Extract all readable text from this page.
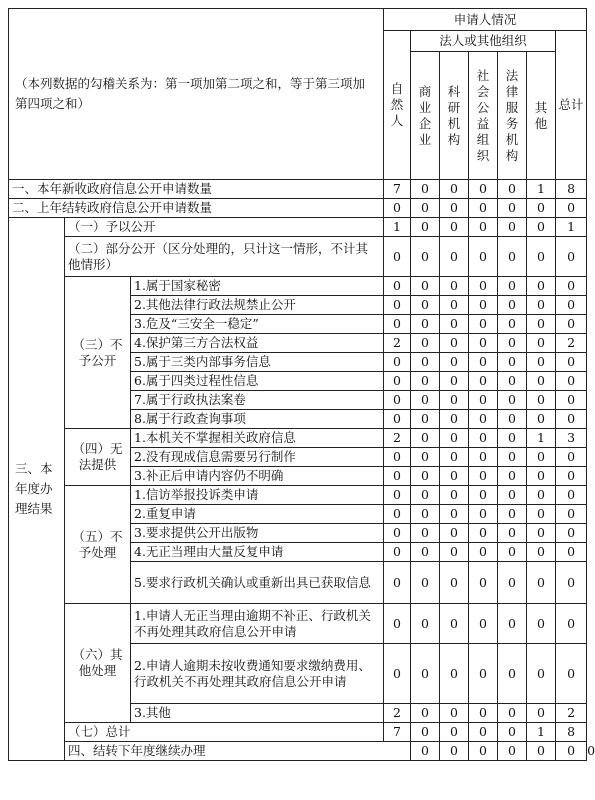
（本列数据的勾稽关系为：第一项加第二项之和，等于第三项加第四项之和）			申请人情况							
			自然人	法人或其他组织					总计	
				商业企业	科研机构	社会公益组织	法律服务机构	其他		
一、本年新收政府信息公开申请数量			7	0	0	0	0	1	8	
二、上年结转政府信息公开申请数量			0	0	0	0	0	0	0	
三、本年度办理结果	（一）予以公开		1	0	0	0	0	0	1	
	（二）部分公开（区分处理的，只计这一情形，不计其他情形）		0	0	0	0	0	0	0	
	（三）不予公开	1.属于国家秘密	0	0	0	0	0	0	0	
		2.其他法律行政法规禁止公开	0	0	0	0	0	0	0	
		3.危及“三安全一稳定”	0	0	0	0	0	0	0	
		4.保护第三方合法权益	2	0	0	0	0	0	2	
		5.属于三类内部事务信息	0	0	0	0	0	0	0	
		6.属于四类过程性信息	0	0	0	0	0	0	0	
		7.属于行政执法案卷	0	0	0	0	0	0	0	
		8.属于行政查询事项	0	0	0	0	0	0	0	
	（四）无法提供	1.本机关不掌握相关政府信息	2	0	0	0	0	1	3	
		2.没有现成信息需要另行制作	0	0	0	0	0	0	0	
		3.补正后申请内容仍不明确	0	0	0	0	0	0	0	
	（五）不予处理	1.信访举报投诉类申请	0	0	0	0	0	0	0	
		2.重复申请	0	0	0	0	0	0	0	
		3.要求提供公开出版物	0	0	0	0	0	0	0	
		4.无正当理由大量反复申请	0	0	0	0	0	0	0	
		5.要求行政机关确认或重新出具已获取信息	0	0	0	0	0	0	0	
	（六）其他处理	1.申请人无正当理由逾期不补正、行政机关不再处理其政府信息公开申请	0	0	0	0	0	0	0	
		2.申请人逾期未按收费通知要求缴纳费用、行政机关不再处理其政府信息公开申请	0	0	0	0	0	0	0	
		3.其他	2	0	0	0	0	0	2	
	（七）总计		7	0	0	0	0	1	8	
	四、结转下年度继续办理			0	0	0	0	0	0	0
